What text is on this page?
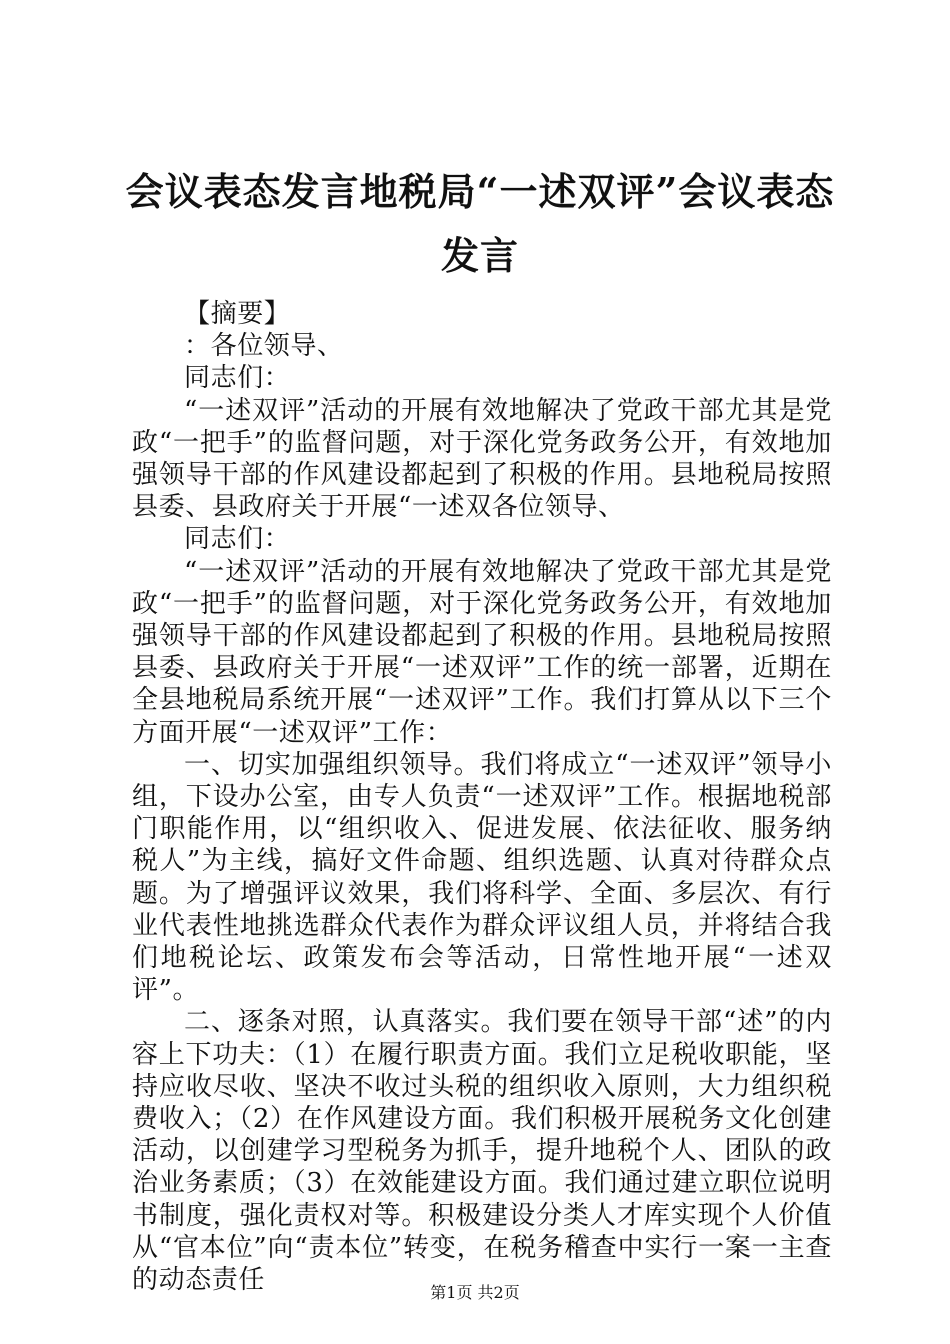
会议表态发言地税局“一述双评”会议表态发言

【摘要】

：各位领导、

同志们：

“一述双评”活动的开展有效地解决了党政干部尤其是党政“一把手”的监督问题，对于深化党务政务公开，有效地加强领导干部的作风建设都起到了积极的作用。县地税局按照县委、县政府关于开展“一述双各位领导、

同志们：

“一述双评”活动的开展有效地解决了党政干部尤其是党政“一把手”的监督问题，对于深化党务政务公开，有效地加强领导干部的作风建设都起到了积极的作用。县地税局按照县委、县政府关于开展“一述双评”工作的统一部署，近期在全县地税局系统开展“一述双评”工作。我们打算从以下三个方面开展“一述双评”工作：

一、切实加强组织领导。我们将成立“一述双评”领导小组，下设办公室，由专人负责“一述双评”工作。根据地税部门职能作用，以“组织收入、促进发展、依法征收、服务纳税人”为主线，搞好文件命题、组织选题、认真对待群众点题。为了增强评议效果，我们将科学、全面、多层次、有行业代表性地挑选群众代表作为群众评议组人员，并将结合我们地税论坛、政策发布会等活动，日常性地开展“一述双评”。

二、逐条对照，认真落实。我们要在领导干部“述”的内容上下功夫：（1）在履行职责方面。我们立足税收职能，坚持应收尽收、坚决不收过头税的组织收入原则，大力组织税费收入；（2）在作风建设方面。我们积极开展税务文化创建活动，以创建学习型税务为抓手，提升地税个人、团队的政治业务素质；（3）在效能建设方面。我们通过建立职位说明书制度，强化责权对等。积极建设分类人才库实现个人价值从“官本位”向“责本位”转变，在税务稽查中实行一案一主查的动态责任	第1页 共2页
